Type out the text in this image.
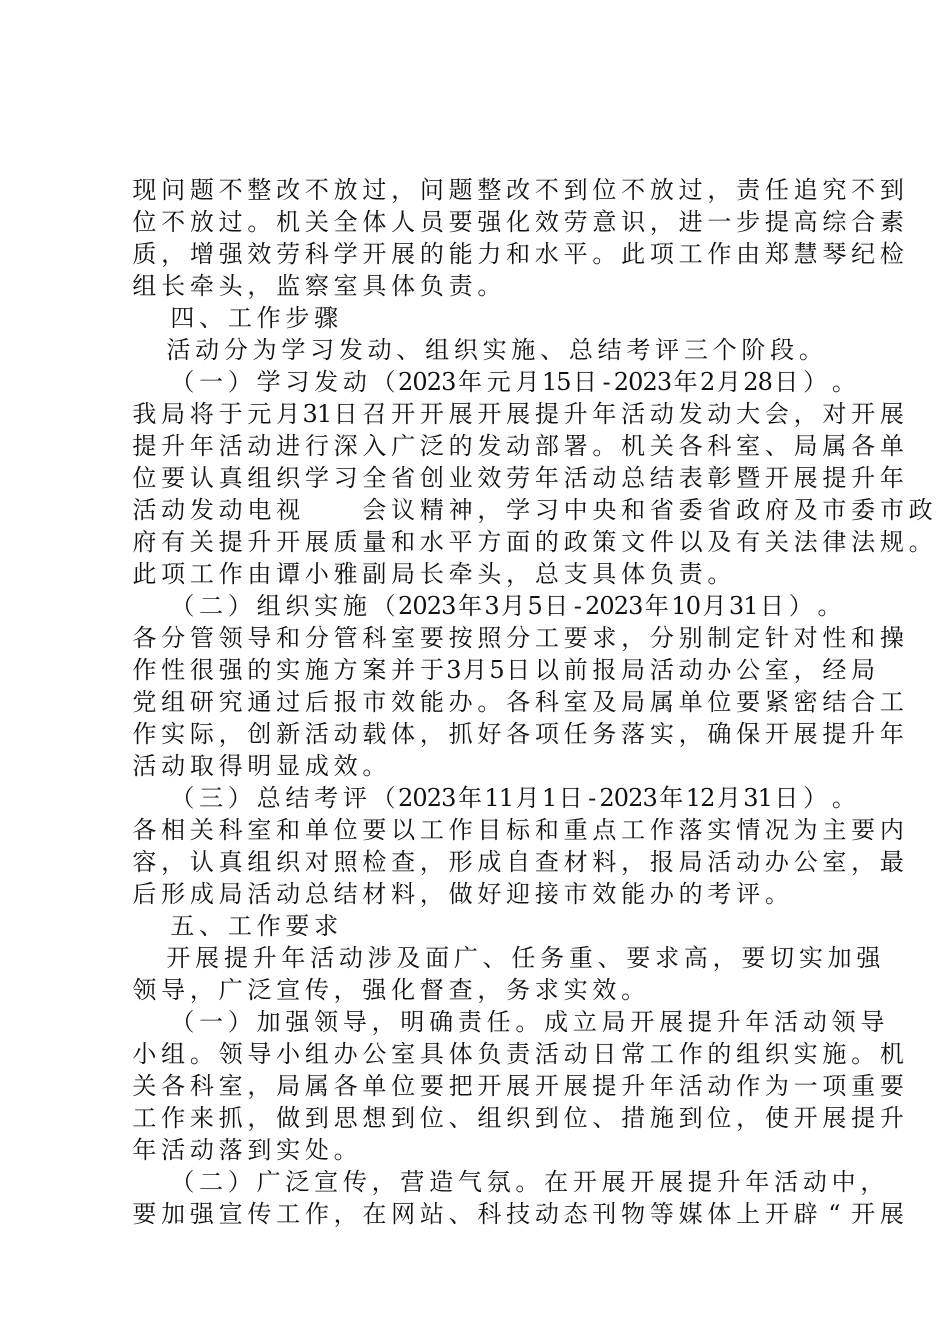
现 问 题 不 整 改 不 放 过 ， 问 题 整 改 不 到 位 不 放 过 ， 责 任 追 究 不 到
位 不 放 过 。 机 关 全 体 人 员 要 强 化 效 劳 意 识 ， 进 一 步 提 高 综 合 素
质 ， 增 强 效 劳 科 学 开 展 的 能 力 和 水 平 。 此 项 工 作 由 郑 慧 琴 纪 检
组 长 牵 头 ， 监 察 室 具 体 负 责 。
四 、 工 作 步 骤
活 动 分 为 学 习 发 动 、 组 织 实 施 、 总 结 考 评 三 个 阶 段 。
（ 一 ） 学 习 发 动 （2023年 元 月15日 - 2023年2月28日 ） 。
我 局 将 于 元 月31日 召 开 开 展 开 展 提 升 年 活 动 发 动 大 会 ， 对 开 展
提 升 年 活 动 进 行 深 入 广 泛 的 发 动 部 署 。 机 关 各 科 室 、 局 属 各 单
位 要 认 真 组 织 学 习 全 省 创 业 效 劳 年 活 动 总 结 表 彰 暨 开 展 提 升 年
活 动 发 动 电 视　　	会 议 精 神 ， 学 习 中 央 和 省 委 省 政 府 及 市 委 市 政
府 有 关 提 升 开 展 质 量 和 水 平 方 面 的 政 策 文 件 以 及 有 关 法 律 法 规 。
此 项 工 作 由 谭 小 雅 副 局 长 牵 头 ， 总 支 具 体 负 责 。
（ 二 ） 组 织 实 施 （2023年3月5日 - 2023年10月31日 ） 。
各 分 管 领 导 和 分 管 科 室 要 按 照 分 工 要 求 ， 分 别 制 定 针 对 性 和 操
作 性 很 强 的 实 施 方 案 并 于3月5日 以 前 报 局 活 动 办 公 室 ， 经 局
党 组 研 究 通 过 后 报 市 效 能 办 。 各 科 室 及 局 属 单 位 要 紧 密 结 合 工
作 实 际 ， 创 新 活 动 载 体 ， 抓 好 各 项 任 务 落 实 ， 确 保 开 展 提 升 年
活 动 取 得 明 显 成 效 。
（ 三 ） 总 结 考 评 （2023年11月1日 - 2023年12月31日 ） 。
各 相 关 科 室 和 单 位 要 以 工 作 目 标 和 重 点 工 作 落 实 情 况 为 主 要 内
容 ， 认 真 组 织 对 照 检 查 ， 形 成 自 查 材 料 ， 报 局 活 动 办 公 室 ， 最
后 形 成 局 活 动 总 结 材 料 ， 做 好 迎 接 市 效 能 办 的 考 评 。
五 、 工 作 要 求
开 展 提 升 年 活 动 涉 及 面 广 、 任 务 重 、 要 求 高 ， 要 切 实 加 强
领 导 ， 广 泛 宣 传 ， 强 化 督 查 ， 务 求 实 效 。
（ 一 ） 加 强 领 导 ， 明 确 责 任 。 成 立 局 开 展 提 升 年 活 动 领 导
小 组 。 领 导 小 组 办 公 室 具 体 负 责 活 动 日 常 工 作 的 组 织 实 施 。 机
关 各 科 室 ， 局 属 各 单 位 要 把 开 展 开 展 提 升 年 活 动 作 为 一 项 重 要
工 作 来 抓 ， 做 到 思 想 到 位 、 组 织 到 位 、 措 施 到 位 ， 使 开 展 提 升
年 活 动 落 到 实 处 。
（ 二 ） 广 泛 宣 传 ， 营 造 气 氛 。 在 开 展 开 展 提 升 年 活 动 中 ，
要 加 强 宣 传 工 作 ， 在 网 站 、 科 技 动 态 刊 物 等 媒 体 上 开 辟 “ 开 展
